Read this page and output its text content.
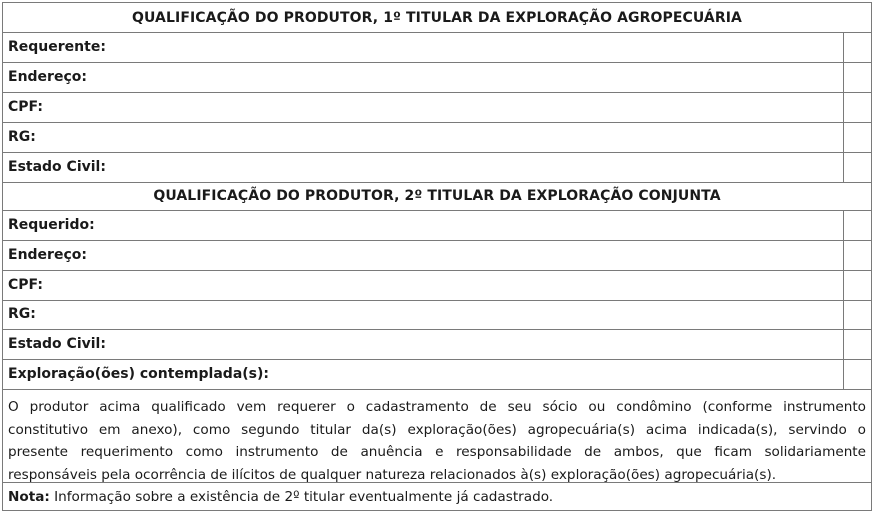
QUALIFICAÇÃO DO PRODUTOR, 1º TITULAR DA EXPLORAÇÃO AGROPECUÁRIA
Requerente:
Endereço:
CPF:
RG:
Estado Civil:
QUALIFICAÇÃO DO PRODUTOR, 2º TITULAR DA EXPLORAÇÃO CONJUNTA
Requerido:
Endereço:
CPF:
RG:
Estado Civil:
Exploração(ões) contemplada(s):
O produtor acima qualificado vem requerer o cadastramento de seu sócio ou condômino (conforme instrumento
constitutivo em anexo), como segundo titular da(s) exploração(ões) agropecuária(s) acima indicada(s), servindo o
presente requerimento como instrumento de anuência e responsabilidade de ambos, que ficam solidariamente
responsáveis pela ocorrência de ilícitos de qualquer natureza relacionados à(s) exploração(ões) agropecuária(s).
Nota: Informação sobre a existência de 2º titular eventualmente já cadastrado.
